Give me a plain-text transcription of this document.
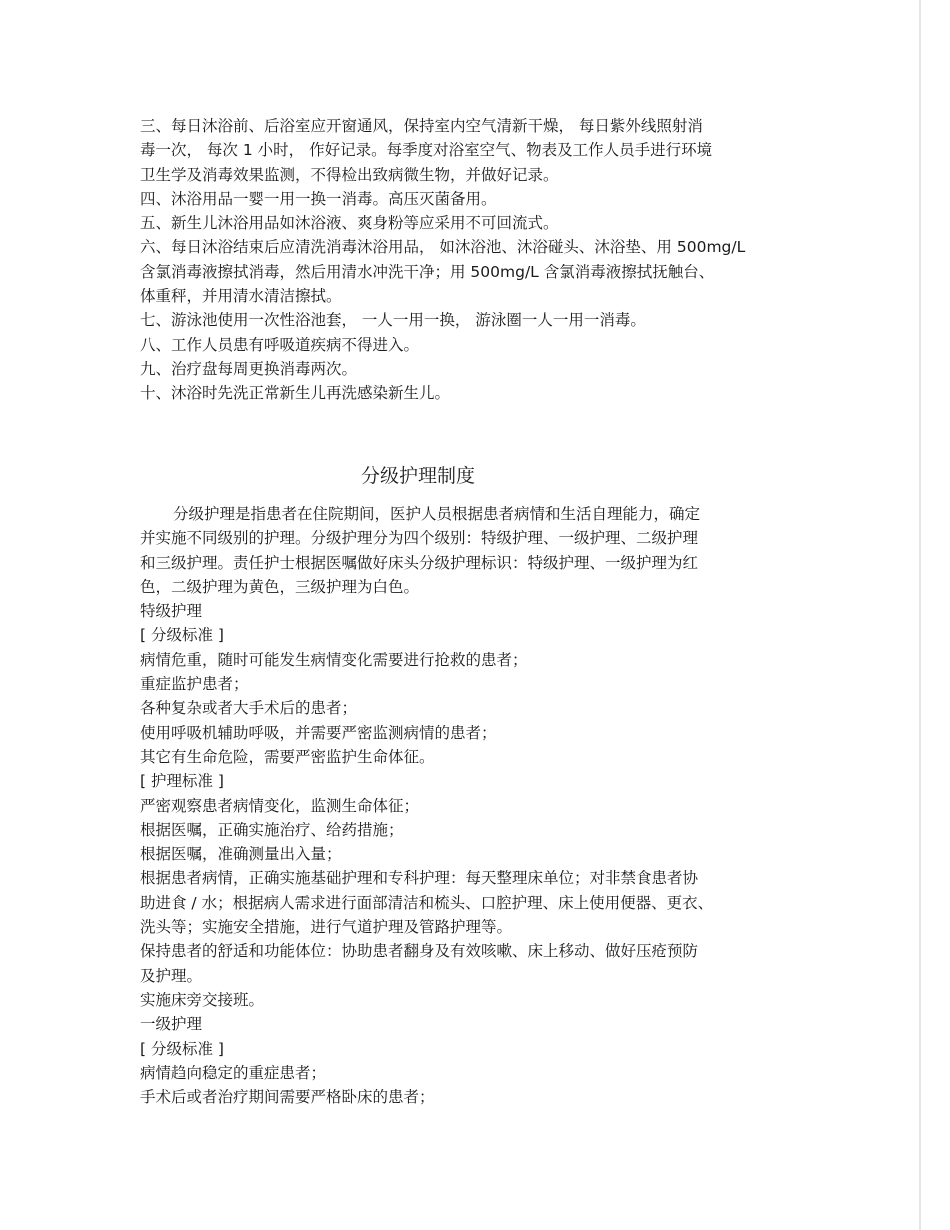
三、每日沐浴前、后浴室应开窗通风，保持室内空气清新干燥， 每日紫外线照射消
毒一次， 每次 1 小时， 作好记录。每季度对浴室空气、物表及工作人员手进行环境
卫生学及消毒效果监测，不得检出致病微生物，并做好记录。
四、沐浴用品一婴一用一换一消毒。高压灭菌备用。
五、新生儿沐浴用品如沐浴液、爽身粉等应采用不可回流式。
六、每日沐浴结束后应清洗消毒沐浴用品， 如沐浴池、沐浴碰头、沐浴垫、用 500mg/L
含氯消毒液擦拭消毒，然后用清水冲洗干净；用 500mg/L 含氯消毒液擦拭抚触台、
体重秤，并用清水清洁擦拭。
七、游泳池使用一次性浴池套， 一人一用一换， 游泳圈一人一用一消毒。
八、工作人员患有呼吸道疾病不得进入。
九、治疗盘每周更换消毒两次。
十、沐浴时先洗正常新生儿再洗感染新生儿。
分级护理制度
分级护理是指患者在住院期间，医护人员根据患者病情和生活自理能力，确定
并实施不同级别的护理。分级护理分为四个级别：特级护理、一级护理、二级护理
和三级护理。责任护士根据医嘱做好床头分级护理标识：特级护理、一级护理为红
色，二级护理为黄色，三级护理为白色。
特级护理
[ 分级标准 ]
病情危重，随时可能发生病情变化需要进行抢救的患者；
重症监护患者；
各种复杂或者大手术后的患者；
使用呼吸机辅助呼吸，并需要严密监测病情的患者；
其它有生命危险，需要严密监护生命体征。
[ 护理标准 ]
严密观察患者病情变化，监测生命体征；
根据医嘱，正确实施治疗、给药措施；
根据医嘱，准确测量出入量；
根据患者病情，正确实施基础护理和专科护理：每天整理床单位；对非禁食患者协
助进食 / 水；根据病人需求进行面部清洁和梳头、口腔护理、床上使用便器、更衣、
洗头等；实施安全措施，进行气道护理及管路护理等。
保持患者的舒适和功能体位：协助患者翻身及有效咳嗽、床上移动、做好压疮预防
及护理。
实施床旁交接班。
一级护理
[ 分级标准 ]
病情趋向稳定的重症患者；
手术后或者治疗期间需要严格卧床的患者；
